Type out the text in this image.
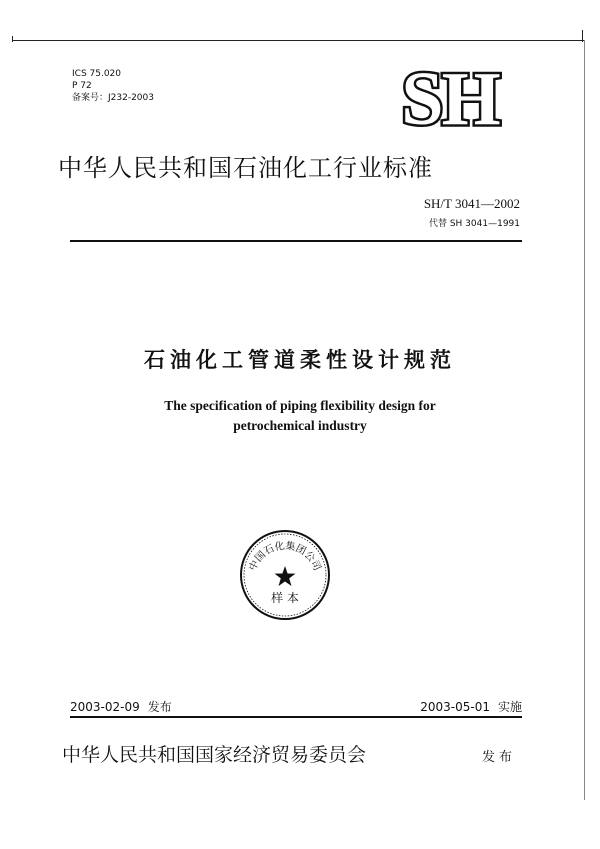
ICS 75.020
P 72
备案号：J232-2003	SH
中华人民共和国石油化工行业标准
SH/T 3041—2002
代替 SH 3041—1991
石油化工管道柔性设计规范
The specification of piping flexibility design for
petrochemical industry
中国石化集团公司
样 本
2003-02-09 发布	2003-05-01 实施
中华人民共和国国家经济贸易委员会	发布
